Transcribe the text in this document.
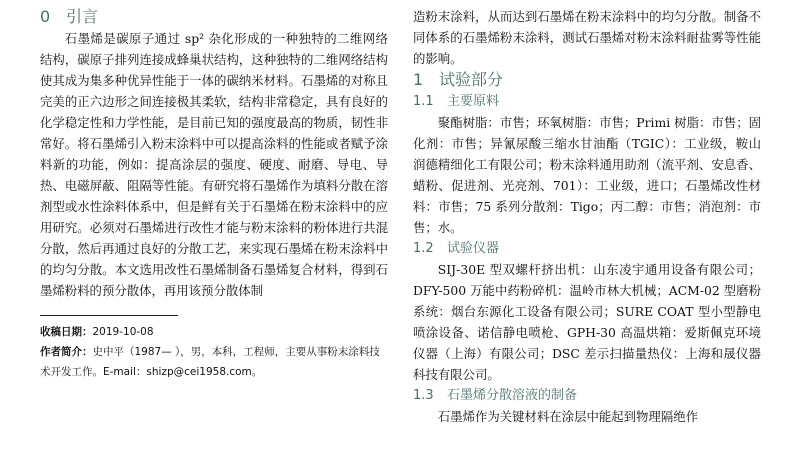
0 引言

石墨烯是碳原子通过 sp² 杂化形成的一种独特的二维网络结构，碳原子排列连接成蜂巢状结构，这种独特的二维网络结构使其成为集多种优异性能于一体的碳纳米材料。石墨烯的对称且完美的正六边形之间连接极其柔软，结构非常稳定，具有良好的化学稳定性和力学性能，是目前已知的强度最高的物质，韧性非常好。将石墨烯引入粉末涂料中可以提高涂料的性能或者赋予涂料新的功能，例如：提高涂层的强度、硬度、耐磨、导电、导热、电磁屏蔽、阻隔等性能。有研究将石墨烯作为填料分散在溶剂型或水性涂料体系中，但是鲜有关于石墨烯在粉末涂料中的应用研究。必须对石墨烯进行改性才能与粉末涂料的粉体进行共混分散，然后再通过良好的分散工艺，来实现石墨烯在粉末涂料中的均匀分散。本文选用改性石墨烯制备石墨烯复合材料，得到石墨烯粉料的预分散体，再用该预分散体制

收稿日期：2019-10-08

作者简介：史中平（1987— ），男，本科，工程师，主要从事粉末涂料技术开发工作。E-mail：shizp@cei1958.com。

造粉末涂料，从而达到石墨烯在粉末涂料中的均匀分散。制备不同体系的石墨烯粉末涂料，测试石墨烯对粉末涂料耐盐雾等性能的影响。

1 试验部分
1.1 主要原料

聚酯树脂：市售；环氧树脂：市售；Primi 树脂：市售；固化剂：市售；异氰尿酸三缩水甘油酯（TGIC）：工业级，鞍山润德精细化工有限公司；粉末涂料通用助剂（流平剂、安息香、蜡粉、促进剂、光亮剂、701）：工业级，进口；石墨烯改性材料：市售；75 系列分散剂：Tigo；丙二醇：市售；消泡剂：市售；水。

1.2 试验仪器

SIJ-30E 型双螺杆挤出机：山东凌宇通用设备有限公司；DFY-500 万能中药粉碎机：温岭市林大机械；ACM-02 型磨粉系统：烟台东源化工设备有限公司；SURE COAT 型小型静电喷涂设备、诺信静电喷枪、GPH-30 高温烘箱：爱斯佩克环境仪器（上海）有限公司；DSC 差示扫描量热仪：上海和晟仪器科技有限公司。

1.3 石墨烯分散溶液的制备

石墨烯作为关键材料在涂层中能起到物理隔绝作
